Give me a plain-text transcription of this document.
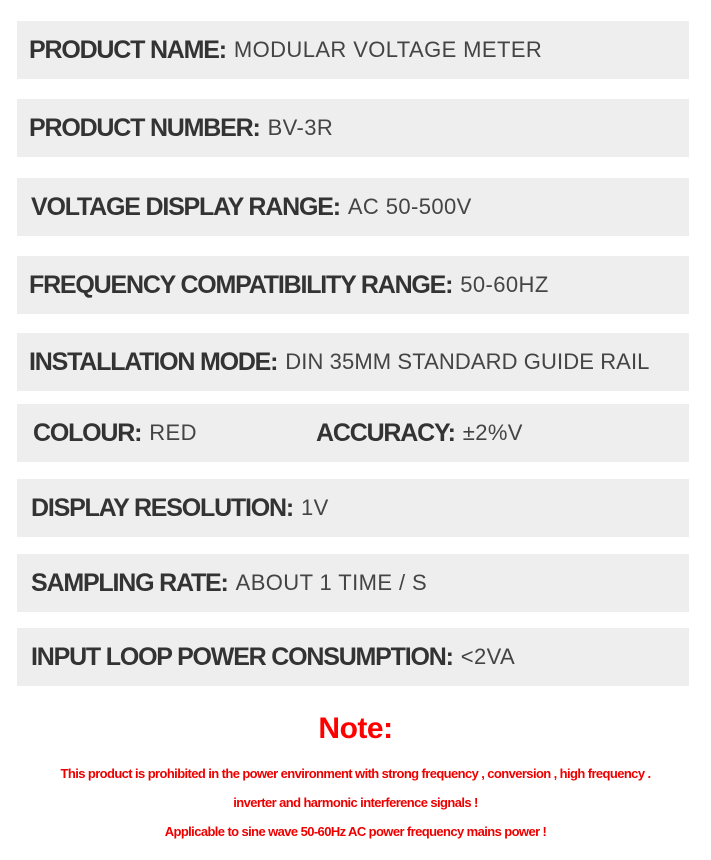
PRODUCT NAME: MODULAR VOLTAGE METER
PRODUCT NUMBER: BV-3R
VOLTAGE DISPLAY RANGE: AC 50-500V
FREQUENCY COMPATIBILITY RANGE: 50-60HZ
INSTALLATION MODE: DIN 35MM STANDARD GUIDE RAIL
COLOUR: RED	ACCURACY: ±2%V
DISPLAY RESOLUTION: 1V
SAMPLING RATE: ABOUT 1 TIME / S
INPUT LOOP POWER CONSUMPTION: <2VA
Note:
This product is prohibited in the power environment with strong frequency , conversion , high frequency .
inverter and harmonic interference signals !
Applicable to sine wave 50-60Hz AC power frequency mains power !
